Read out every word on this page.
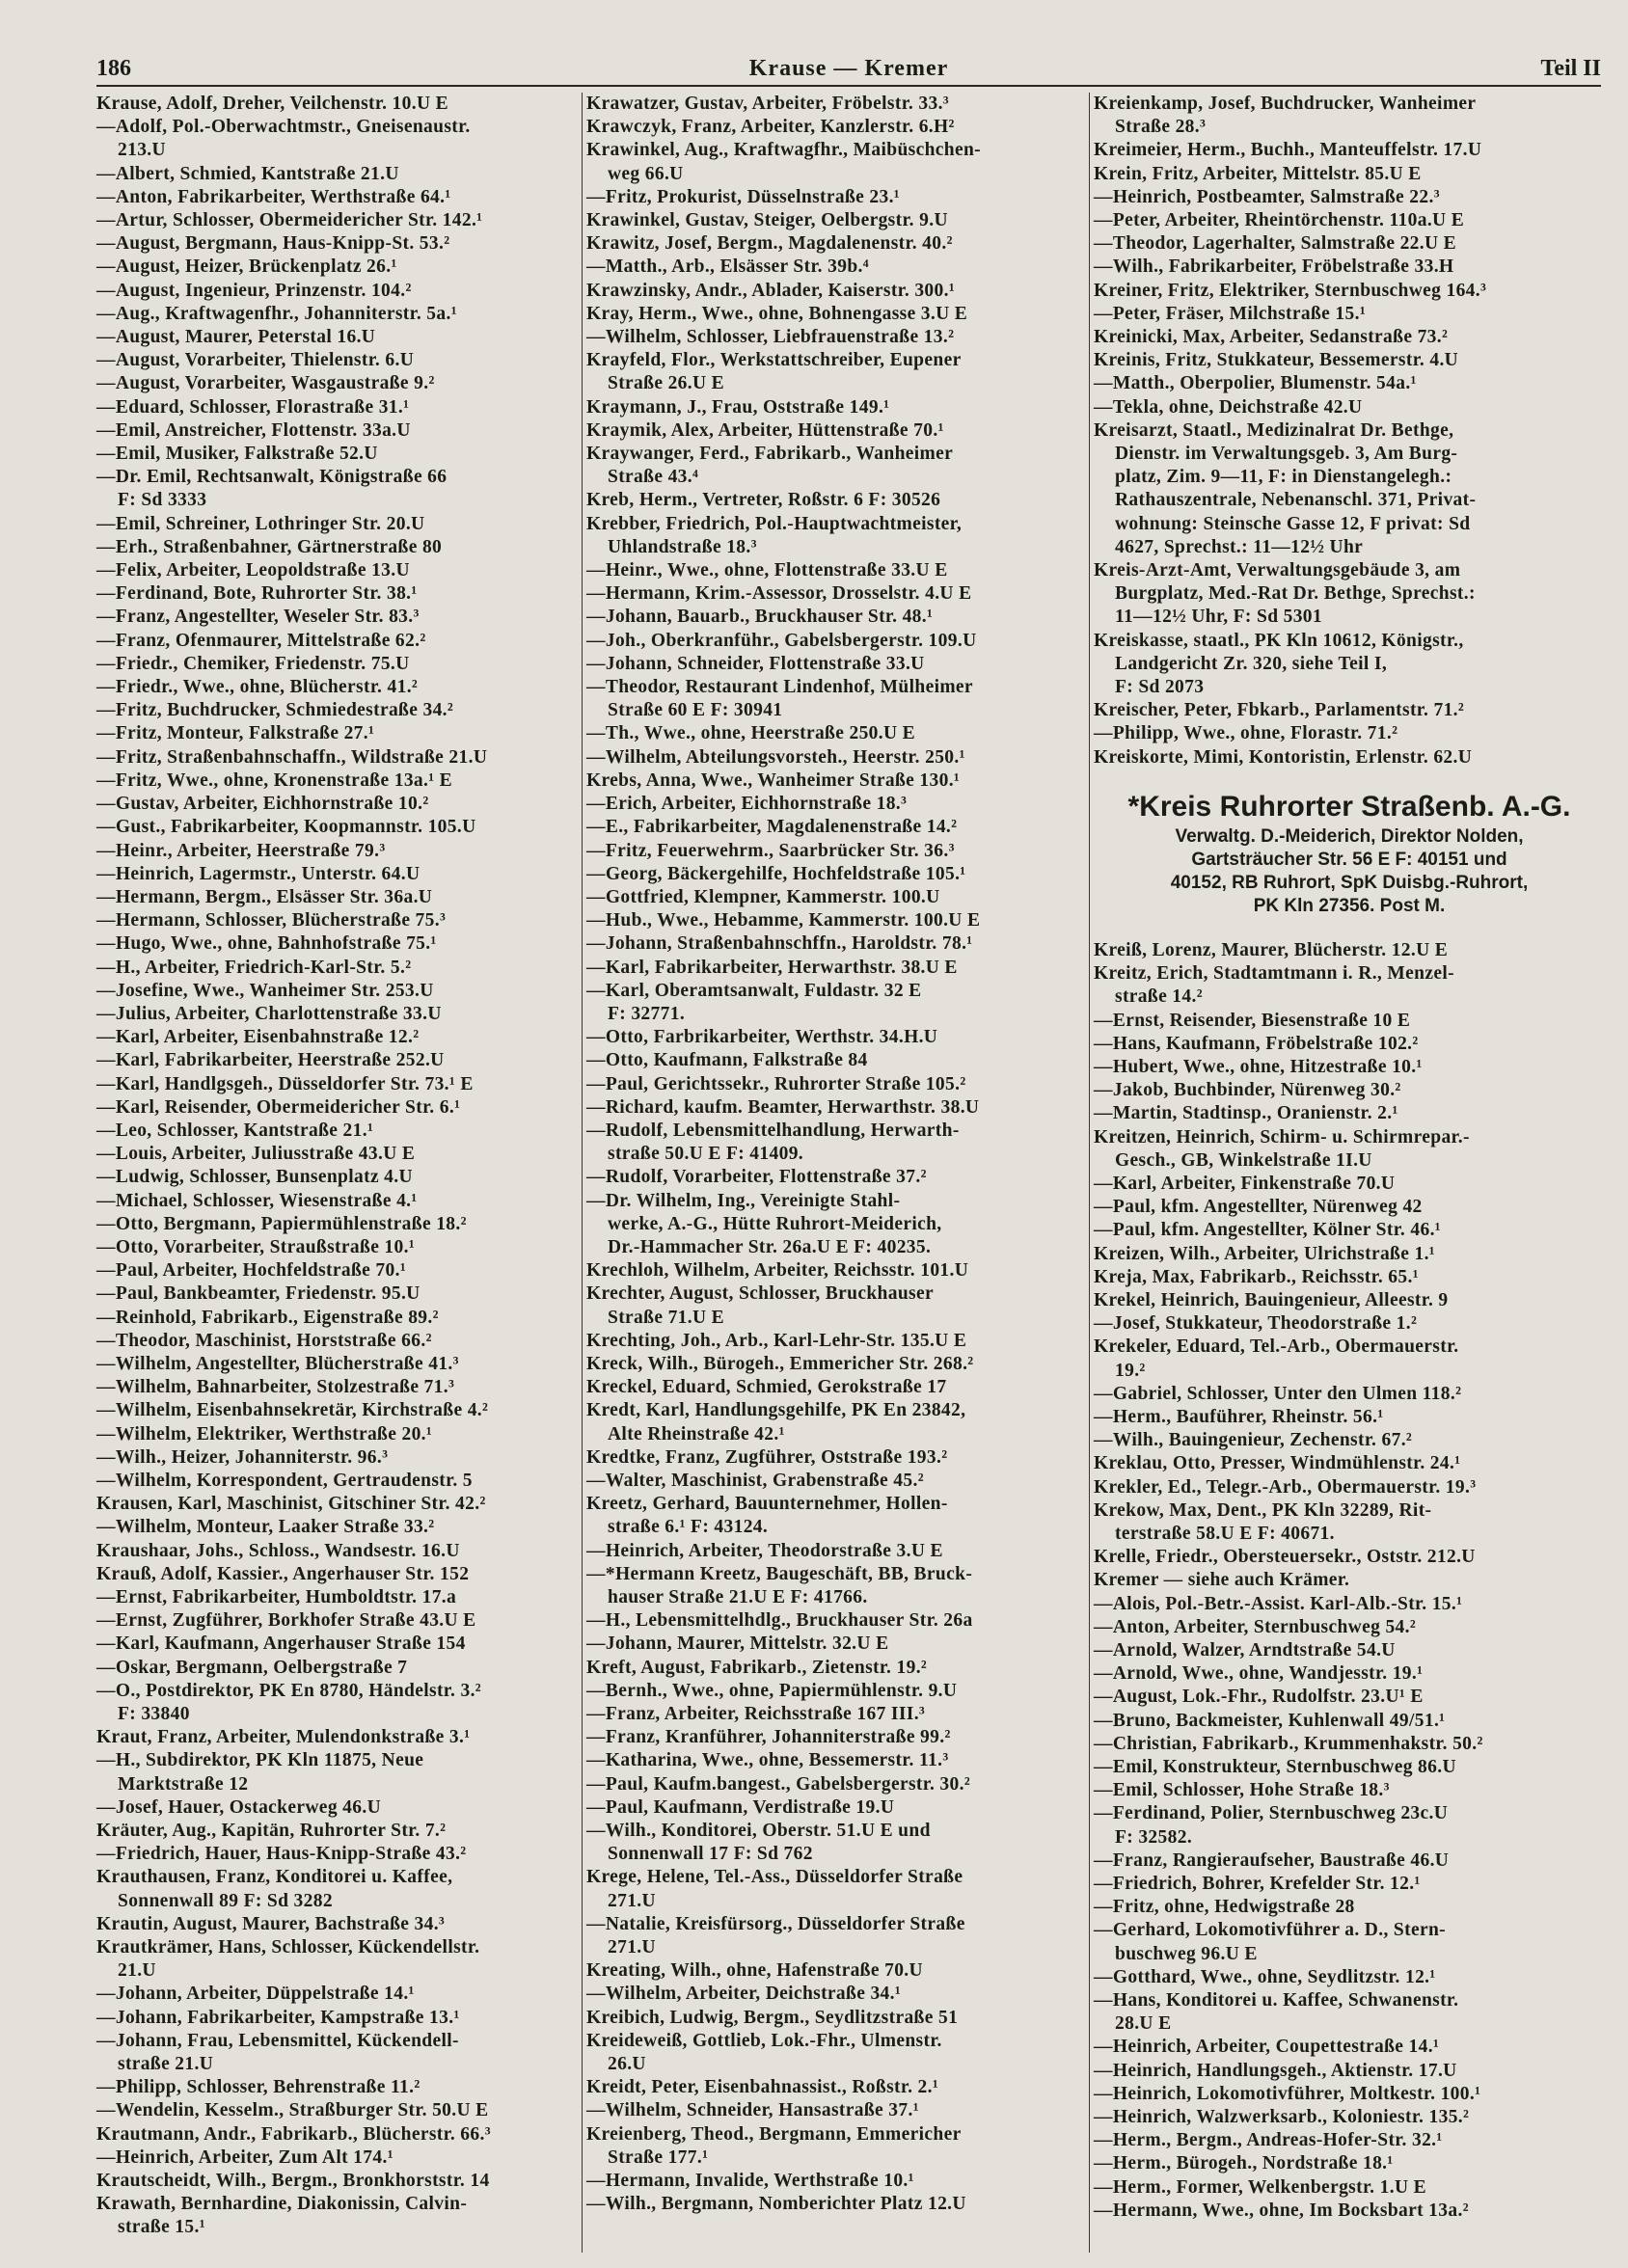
186	Krause — Kremer	Teil II
Krause, Adolf, Dreher, Veilchenstr. 10.U E
—Adolf, Pol.-Oberwachtmstr., Gneisenaustr.
213.U
—Albert, Schmied, Kantstraße 21.U
—Anton, Fabrikarbeiter, Werthstraße 64.¹
—Artur, Schlosser, Obermeidericher Str. 142.¹
—August, Bergmann, Haus-Knipp-St. 53.²
—August, Heizer, Brückenplatz 26.¹
—August, Ingenieur, Prinzenstr. 104.²
—Aug., Kraftwagenfhr., Johanniterstr. 5a.¹
—August, Maurer, Peterstal 16.U
—August, Vorarbeiter, Thielenstr. 6.U
—August, Vorarbeiter, Wasgaustraße 9.²
—Eduard, Schlosser, Florastraße 31.¹
—Emil, Anstreicher, Flottenstr. 33a.U
—Emil, Musiker, Falkstraße 52.U
—Dr. Emil, Rechtsanwalt, Königstraße 66
F: Sd 3333
—Emil, Schreiner, Lothringer Str. 20.U
—Erh., Straßenbahner, Gärtnerstraße 80
—Felix, Arbeiter, Leopoldstraße 13.U
—Ferdinand, Bote, Ruhrorter Str. 38.¹
—Franz, Angestellter, Weseler Str. 83.³
—Franz, Ofenmaurer, Mittelstraße 62.²
—Friedr., Chemiker, Friedenstr. 75.U
—Friedr., Wwe., ohne, Blücherstr. 41.²
—Fritz, Buchdrucker, Schmiedestraße 34.²
—Fritz, Monteur, Falkstraße 27.¹
—Fritz, Straßenbahnschaffn., Wildstraße 21.U
—Fritz, Wwe., ohne, Kronenstraße 13a.¹ E
—Gustav, Arbeiter, Eichhornstraße 10.²
—Gust., Fabrikarbeiter, Koopmannstr. 105.U
—Heinr., Arbeiter, Heerstraße 79.³
—Heinrich, Lagermstr., Unterstr. 64.U
—Hermann, Bergm., Elsässer Str. 36a.U
—Hermann, Schlosser, Blücherstraße 75.³
—Hugo, Wwe., ohne, Bahnhofstraße 75.¹
—H., Arbeiter, Friedrich-Karl-Str. 5.²
—Josefine, Wwe., Wanheimer Str. 253.U
—Julius, Arbeiter, Charlottenstraße 33.U
—Karl, Arbeiter, Eisenbahnstraße 12.²
—Karl, Fabrikarbeiter, Heerstraße 252.U
—Karl, Handlgsgeh., Düsseldorfer Str. 73.¹ E
—Karl, Reisender, Obermeidericher Str. 6.¹
—Leo, Schlosser, Kantstraße 21.¹
—Louis, Arbeiter, Juliusstraße 43.U E
—Ludwig, Schlosser, Bunsenplatz 4.U
—Michael, Schlosser, Wiesenstraße 4.¹
—Otto, Bergmann, Papiermühlenstraße 18.²
—Otto, Vorarbeiter, Straußstraße 10.¹
—Paul, Arbeiter, Hochfeldstraße 70.¹
—Paul, Bankbeamter, Friedenstr. 95.U
—Reinhold, Fabrikarb., Eigenstraße 89.²
—Theodor, Maschinist, Horststraße 66.²
—Wilhelm, Angestellter, Blücherstraße 41.³
—Wilhelm, Bahnarbeiter, Stolzestraße 71.³
—Wilhelm, Eisenbahnsekretär, Kirchstraße 4.²
—Wilhelm, Elektriker, Werthstraße 20.¹
—Wilh., Heizer, Johanniterstr. 96.³
—Wilhelm, Korrespondent, Gertraudenstr. 5
Krausen, Karl, Maschinist, Gitschiner Str. 42.²
—Wilhelm, Monteur, Laaker Straße 33.²
Kraushaar, Johs., Schloss., Wandsestr. 16.U
Krauß, Adolf, Kassier., Angerhauser Str. 152
—Ernst, Fabrikarbeiter, Humboldtstr. 17.a
—Ernst, Zugführer, Borkhofer Straße 43.U E
—Karl, Kaufmann, Angerhauser Straße 154
—Oskar, Bergmann, Oelbergstraße 7
—O., Postdirektor, PK En 8780, Händelstr. 3.²
F: 33840
Kraut, Franz, Arbeiter, Mulendonkstraße 3.¹
—H., Subdirektor, PK Kln 11875, Neue
Marktstraße 12
—Josef, Hauer, Ostackerweg 46.U
Kräuter, Aug., Kapitän, Ruhrorter Str. 7.²
—Friedrich, Hauer, Haus-Knipp-Straße 43.²
Krauthausen, Franz, Konditorei u. Kaffee,
Sonnenwall 89 F: Sd 3282
Krautin, August, Maurer, Bachstraße 34.³
Krautkrämer, Hans, Schlosser, Kückendellstr.
21.U
—Johann, Arbeiter, Düppelstraße 14.¹
—Johann, Fabrikarbeiter, Kampstraße 13.¹
—Johann, Frau, Lebensmittel, Kückendell-
straße 21.U
—Philipp, Schlosser, Behrenstraße 11.²
—Wendelin, Kesselm., Straßburger Str. 50.U E
Krautmann, Andr., Fabrikarb., Blücherstr. 66.³
—Heinrich, Arbeiter, Zum Alt 174.¹
Krautscheidt, Wilh., Bergm., Bronkhorststr. 14
Krawath, Bernhardine, Diakonissin, Calvin-
straße 15.¹
Krawatzer, Gustav, Arbeiter, Fröbelstr. 33.³
Krawczyk, Franz, Arbeiter, Kanzlerstr. 6.H²
Krawinkel, Aug., Kraftwagfhr., Maibüschchen-
weg 66.U
—Fritz, Prokurist, Düsselnstraße 23.¹
Krawinkel, Gustav, Steiger, Oelbergstr. 9.U
Krawitz, Josef, Bergm., Magdalenenstr. 40.²
—Matth., Arb., Elsässer Str. 39b.⁴
Krawzinsky, Andr., Ablader, Kaiserstr. 300.¹
Kray, Herm., Wwe., ohne, Bohnengasse 3.U E
—Wilhelm, Schlosser, Liebfrauenstraße 13.²
Krayfeld, Flor., Werkstattschreiber, Eupener
Straße 26.U E
Kraymann, J., Frau, Oststraße 149.¹
Kraymik, Alex, Arbeiter, Hüttenstraße 70.¹
Kraywanger, Ferd., Fabrikarb., Wanheimer
Straße 43.⁴
Kreb, Herm., Vertreter, Roßstr. 6 F: 30526
Krebber, Friedrich, Pol.-Hauptwachtmeister,
Uhlandstraße 18.³
—Heinr., Wwe., ohne, Flottenstraße 33.U E
—Hermann, Krim.-Assessor, Drosselstr. 4.U E
—Johann, Bauarb., Bruckhauser Str. 48.¹
—Joh., Oberkranführ., Gabelsbergerstr. 109.U
—Johann, Schneider, Flottenstraße 33.U
—Theodor, Restaurant Lindenhof, Mülheimer
Straße 60 E F: 30941
—Th., Wwe., ohne, Heerstraße 250.U E
—Wilhelm, Abteilungsvorsteh., Heerstr. 250.¹
Krebs, Anna, Wwe., Wanheimer Straße 130.¹
—Erich, Arbeiter, Eichhornstraße 18.³
—E., Fabrikarbeiter, Magdalenenstraße 14.²
—Fritz, Feuerwehrm., Saarbrücker Str. 36.³
—Georg, Bäckergehilfe, Hochfeldstraße 105.¹
—Gottfried, Klempner, Kammerstr. 100.U
—Hub., Wwe., Hebamme, Kammerstr. 100.U E
—Johann, Straßenbahnschffn., Haroldstr. 78.¹
—Karl, Fabrikarbeiter, Herwarthstr. 38.U E
—Karl, Oberamtsanwalt, Fuldastr. 32 E
F: 32771.
—Otto, Farbrikarbeiter, Werthstr. 34.H.U
—Otto, Kaufmann, Falkstraße 84
—Paul, Gerichtssekr., Ruhrorter Straße 105.²
—Richard, kaufm. Beamter, Herwarthstr. 38.U
—Rudolf, Lebensmittelhandlung, Herwarth-
straße 50.U E F: 41409.
—Rudolf, Vorarbeiter, Flottenstraße 37.²
—Dr. Wilhelm, Ing., Vereinigte Stahl-
werke, A.-G., Hütte Ruhrort-Meiderich,
Dr.-Hammacher Str. 26a.U E F: 40235.
Krechloh, Wilhelm, Arbeiter, Reichsstr. 101.U
Krechter, August, Schlosser, Bruckhauser
Straße 71.U E
Krechting, Joh., Arb., Karl-Lehr-Str. 135.U E
Kreck, Wilh., Bürogeh., Emmericher Str. 268.²
Kreckel, Eduard, Schmied, Gerokstraße 17
Kredt, Karl, Handlungsgehilfe, PK En 23842,
Alte Rheinstraße 42.¹
Kredtke, Franz, Zugführer, Oststraße 193.²
—Walter, Maschinist, Grabenstraße 45.²
Kreetz, Gerhard, Bauunternehmer, Hollen-
straße 6.¹ F: 43124.
—Heinrich, Arbeiter, Theodorstraße 3.U E
—*Hermann Kreetz, Baugeschäft, BB, Bruck-
hauser Straße 21.U E F: 41766.
—H., Lebensmittelhdlg., Bruckhauser Str. 26a
—Johann, Maurer, Mittelstr. 32.U E
Kreft, August, Fabrikarb., Zietenstr. 19.²
—Bernh., Wwe., ohne, Papiermühlenstr. 9.U
—Franz, Arbeiter, Reichsstraße 167 III.³
—Franz, Kranführer, Johanniterstraße 99.²
—Katharina, Wwe., ohne, Bessemerstr. 11.³
—Paul, Kaufm.bangest., Gabelsbergerstr. 30.²
—Paul, Kaufmann, Verdistraße 19.U
—Wilh., Konditorei, Oberstr. 51.U E und
Sonnenwall 17 F: Sd 762
Krege, Helene, Tel.-Ass., Düsseldorfer Straße
271.U
—Natalie, Kreisfürsorg., Düsseldorfer Straße
271.U
Kreating, Wilh., ohne, Hafenstraße 70.U
—Wilhelm, Arbeiter, Deichstraße 34.¹
Kreibich, Ludwig, Bergm., Seydlitzstraße 51
Kreideweiß, Gottlieb, Lok.-Fhr., Ulmenstr.
26.U
Kreidt, Peter, Eisenbahnassist., Roßstr. 2.¹
—Wilhelm, Schneider, Hansastraße 37.¹
Kreienberg, Theod., Bergmann, Emmericher
Straße 177.¹
—Hermann, Invalide, Werthstraße 10.¹
—Wilh., Bergmann, Nomberichter Platz 12.U
Kreienkamp, Josef, Buchdrucker, Wanheimer
Straße 28.³
Kreimeier, Herm., Buchh., Manteuffelstr. 17.U
Krein, Fritz, Arbeiter, Mittelstr. 85.U E
—Heinrich, Postbeamter, Salmstraße 22.³
—Peter, Arbeiter, Rheintörchenstr. 110a.U E
—Theodor, Lagerhalter, Salmstraße 22.U E
—Wilh., Fabrikarbeiter, Fröbelstraße 33.H
Kreiner, Fritz, Elektriker, Sternbuschweg 164.³
—Peter, Fräser, Milchstraße 15.¹
Kreinicki, Max, Arbeiter, Sedanstraße 73.²
Kreinis, Fritz, Stukkateur, Bessemerstr. 4.U
—Matth., Oberpolier, Blumenstr. 54a.¹
—Tekla, ohne, Deichstraße 42.U
Kreisarzt, Staatl., Medizinalrat Dr. Bethge,
Dienstr. im Verwaltungsgeb. 3, Am Burg-
platz, Zim. 9—11, F: in Dienstangelegh.:
Rathauszentrale, Nebenanschl. 371, Privat-
wohnung: Steinsche Gasse 12, F privat: Sd
4627, Sprechst.: 11—12½ Uhr
Kreis-Arzt-Amt, Verwaltungsgebäude 3, am
Burgplatz, Med.-Rat Dr. Bethge, Sprechst.:
11—12½ Uhr, F: Sd 5301
Kreiskasse, staatl., PK Kln 10612, Königstr.,
Landgericht Zr. 320, siehe Teil I,
F: Sd 2073
Kreischer, Peter, Fbkarb., Parlamentstr. 71.²
—Philipp, Wwe., ohne, Florastr. 71.²
Kreiskorte, Mimi, Kontoristin, Erlenstr. 62.U
*Kreis Ruhrorter Straßenb. A.-G.
Verwaltg. D.-Meiderich, Direktor Nolden,
Gartsträucher Str. 56 E F: 40151 und
40152, RB Ruhrort, SpK Duisbg.-Ruhrort,
PK Kln 27356. Post M.
Kreiß, Lorenz, Maurer, Blücherstr. 12.U E
Kreitz, Erich, Stadtamtmann i. R., Menzel-
straße 14.²
—Ernst, Reisender, Biesenstraße 10 E
—Hans, Kaufmann, Fröbelstraße 102.²
—Hubert, Wwe., ohne, Hitzestraße 10.¹
—Jakob, Buchbinder, Nürenweg 30.²
—Martin, Stadtinsp., Oranienstr. 2.¹
Kreitzen, Heinrich, Schirm- u. Schirmrepar.-
Gesch., GB, Winkelstraße 1I.U
—Karl, Arbeiter, Finkenstraße 70.U
—Paul, kfm. Angestellter, Nürenweg 42
—Paul, kfm. Angestellter, Kölner Str. 46.¹
Kreizen, Wilh., Arbeiter, Ulrichstraße 1.¹
Kreja, Max, Fabrikarb., Reichsstr. 65.¹
Krekel, Heinrich, Bauingenieur, Alleestr. 9
—Josef, Stukkateur, Theodorstraße 1.²
Krekeler, Eduard, Tel.-Arb., Obermauerstr.
19.²
—Gabriel, Schlosser, Unter den Ulmen 118.²
—Herm., Bauführer, Rheinstr. 56.¹
—Wilh., Bauingenieur, Zechenstr. 67.²
Kreklau, Otto, Presser, Windmühlenstr. 24.¹
Krekler, Ed., Telegr.-Arb., Obermauerstr. 19.³
Krekow, Max, Dent., PK Kln 32289, Rit-
terstraße 58.U E F: 40671.
Krelle, Friedr., Obersteuersekr., Oststr. 212.U
Kremer — siehe auch Krämer.
—Alois, Pol.-Betr.-Assist. Karl-Alb.-Str. 15.¹
—Anton, Arbeiter, Sternbuschweg 54.²
—Arnold, Walzer, Arndtstraße 54.U
—Arnold, Wwe., ohne, Wandjesstr. 19.¹
—August, Lok.-Fhr., Rudolfstr. 23.U¹ E
—Bruno, Backmeister, Kuhlenwall 49/51.¹
—Christian, Fabrikarb., Krummenhakstr. 50.²
—Emil, Konstrukteur, Sternbuschweg 86.U
—Emil, Schlosser, Hohe Straße 18.³
—Ferdinand, Polier, Sternbuschweg 23c.U
F: 32582.
—Franz, Rangieraufseher, Baustraße 46.U
—Friedrich, Bohrer, Krefelder Str. 12.¹
—Fritz, ohne, Hedwigstraße 28
—Gerhard, Lokomotivführer a. D., Stern-
buschweg 96.U E
—Gotthard, Wwe., ohne, Seydlitzstr. 12.¹
—Hans, Konditorei u. Kaffee, Schwanenstr.
28.U E
—Heinrich, Arbeiter, Coupettestraße 14.¹
—Heinrich, Handlungsgeh., Aktienstr. 17.U
—Heinrich, Lokomotivführer, Moltkestr. 100.¹
—Heinrich, Walzwerksarb., Koloniestr. 135.²
—Herm., Bergm., Andreas-Hofer-Str. 32.¹
—Herm., Bürogeh., Nordstraße 18.¹
—Herm., Former, Welkenbergstr. 1.U E
—Hermann, Wwe., ohne, Im Bocksbart 13a.²
